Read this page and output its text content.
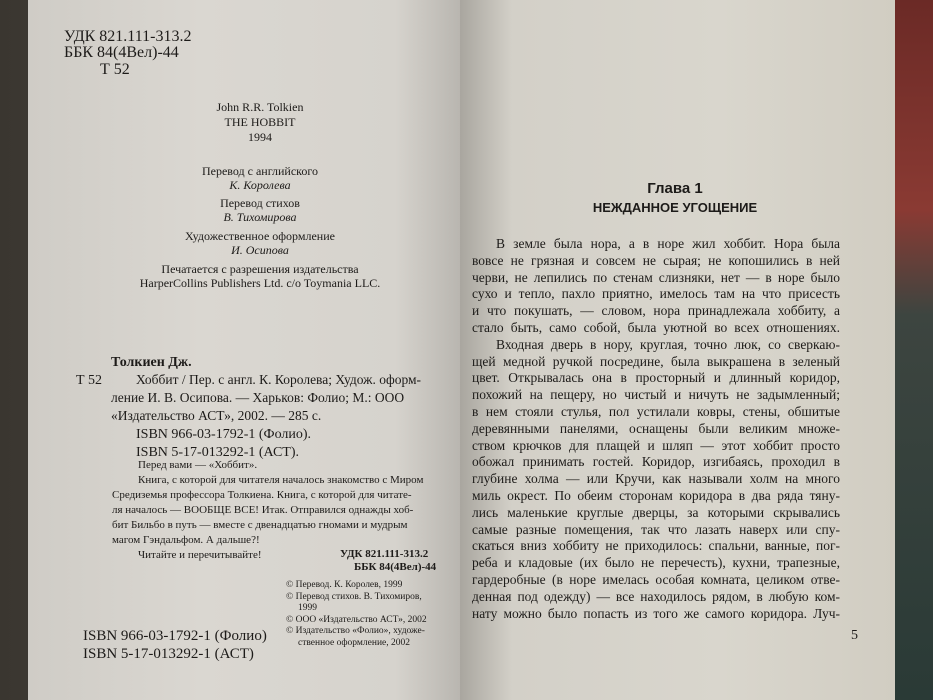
УДК 821.111-313.2
ББК 84(4Вел)-44
Т 52
John R.R. Tolkien
THE HOBBIT
1994
Перевод с английского
К. Королева
Перевод стихов
В. Тихомирова
Художественное оформление
И. Осипова
Печатается с разрешения издательства
HarperCollins Publishers Ltd. c/o Toymania LLC.
Толкиен Дж.
Т 52	Хоббит / Пер. с англ. К. Королева; Худож. оформ-
ление И. В. Осипова. — Харьков: Фолио; М.: ООО
«Издательство АСТ», 2002. — 285 с.
ISBN 966-03-1792-1 (Фолио).
ISBN 5-17-013292-1 (АСТ).
Перед вами — «Хоббит».
Книга, с которой для читателя началось знакомство с Миром
Средиземья профессора Толкиена. Книга, с которой для читате-
ля началось — ВООБЩЕ ВСЕ! Итак. Отправился однажды хоб-
бит Бильбо в путь — вместе с двенадцатью гномами и мудрым
магом Гэндальфом. А дальше?!
Читайте и перечитывайте!	УДК 821.111-313.2
ББК 84(4Вел)-44
© Перевод. К. Королев, 1999
© Перевод стихов. В. Тихомиров,
1999
© ООО «Издательство АСТ», 2002
© Издательство «Фолио», художе-
ственное оформление, 2002
ISBN 966-03-1792-1 (Фолио)
ISBN 5-17-013292-1 (АСТ)
Глава 1
НЕЖДАННОЕ УГОЩЕНИЕ
В земле была нора, а в норе жил хоббит. Нора была
вовсе не грязная и совсем не сырая; не копошились в ней
черви, не лепились по стенам слизняки, нет — в норе было
сухо и тепло, пахло приятно, имелось там на что присесть
и что покушать, — словом, нора принадлежала хоббиту, а
стало быть, само собой, была уютной во всех отношениях.
Входная дверь в нору, круглая, точно люк, со сверкаю-
щей медной ручкой посредине, была выкрашена в зеленый
цвет. Открывалась она в просторный и длинный коридор,
похожий на пещеру, но чистый и ничуть не задымленный;
в нем стояли стулья, пол устилали ковры, стены, обшитые
деревянными панелями, оснащены были великим множе-
ством крючков для плащей и шляп — этот хоббит просто
обожал принимать гостей. Коридор, изгибаясь, проходил в
глубине холма — или Кручи, как называли холм на много
миль окрест. По обеим сторонам коридора в два ряда тяну-
лись маленькие круглые дверцы, за которыми скрывались
самые разные помещения, так что лазать наверх или спу-
скаться вниз хоббиту не приходилось: спальни, ванные, пог-
реба и кладовые (их было не перечесть), кухни, трапезные,
гардеробные (в норе имелась особая комната, целиком отве-
денная под одежду) — все находилось рядом, в любую ком-
нату можно было попасть из того же самого коридора. Луч-
5
